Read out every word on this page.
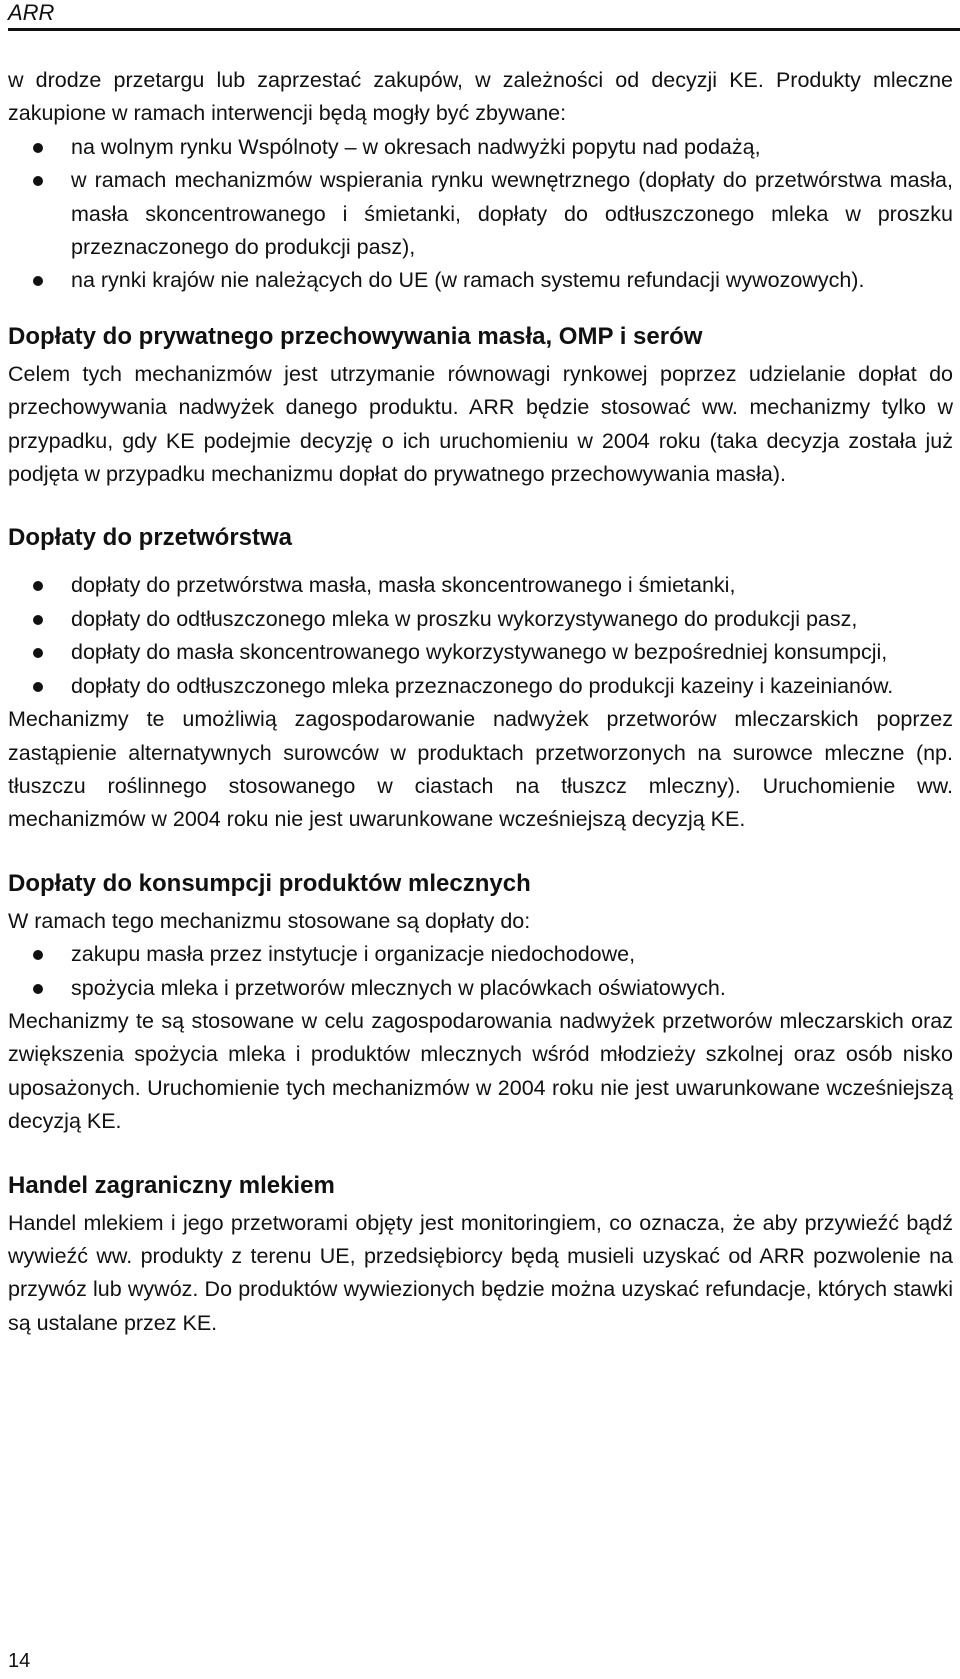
ARR

w drodze przetargu lub zaprzestać zakupów, w zależności od decyzji KE. Produkty mleczne zakupione w ramach interwencji będą mogły być zbywane:

na wolnym rynku Wspólnoty – w okresach nadwyżki popytu nad podażą,
w ramach mechanizmów wspierania rynku wewnętrznego (dopłaty do przetwórstwa masła, masła skoncentrowanego i śmietanki, dopłaty do odtłuszczonego mleka w proszku przeznaczonego do produkcji pasz),
na rynki krajów nie należących do UE (w ramach systemu refundacji wywozowych).
Dopłaty do prywatnego przechowywania masła, OMP i serów

Celem tych mechanizmów jest utrzymanie równowagi rynkowej poprzez udzielanie dopłat do przechowywania nadwyżek danego produktu. ARR będzie stosować ww. mechanizmy tylko w przypadku, gdy KE podejmie decyzję o ich uruchomieniu w 2004 roku (taka decyzja została już podjęta w przypadku mechanizmu dopłat do prywatnego przechowywania masła).

Dopłaty do przetwórstwa
dopłaty do przetwórstwa masła, masła skoncentrowanego i śmietanki,
dopłaty do odtłuszczonego mleka w proszku wykorzystywanego do produkcji pasz,
dopłaty do masła skoncentrowanego wykorzystywanego w bezpośredniej konsumpcji,
dopłaty do odtłuszczonego mleka przeznaczonego do produkcji kazeiny i kazeinianów.

Mechanizmy te umożliwią zagospodarowanie nadwyżek przetworów mleczarskich poprzez zastąpienie alternatywnych surowców w produktach przetworzonych na surowce mleczne (np. tłuszczu roślinnego stosowanego w ciastach na tłuszcz mleczny). Uruchomienie ww. mechanizmów w 2004 roku nie jest uwarunkowane wcześniejszą decyzją KE.

Dopłaty do konsumpcji produktów mlecznych

W ramach tego mechanizmu stosowane są dopłaty do:

zakupu masła przez instytucje i organizacje niedochodowe,
spożycia mleka i przetworów mlecznych w placówkach oświatowych.

Mechanizmy te są stosowane w celu zagospodarowania nadwyżek przetworów mleczarskich oraz zwiększenia spożycia mleka i produktów mlecznych wśród młodzieży szkolnej oraz osób nisko uposażonych. Uruchomienie tych mechanizmów w 2004 roku nie jest uwarunkowane wcześniejszą decyzją KE.

Handel zagraniczny mlekiem

Handel mlekiem i jego przetworami objęty jest monitoringiem, co oznacza, że aby przywieźć bądź wywieźć ww. produkty z terenu UE, przedsiębiorcy będą musieli uzyskać od ARR pozwolenie na przywóz lub wywóz. Do produktów wywiezionych będzie można uzyskać refundacje, których stawki są ustalane przez KE.

14
